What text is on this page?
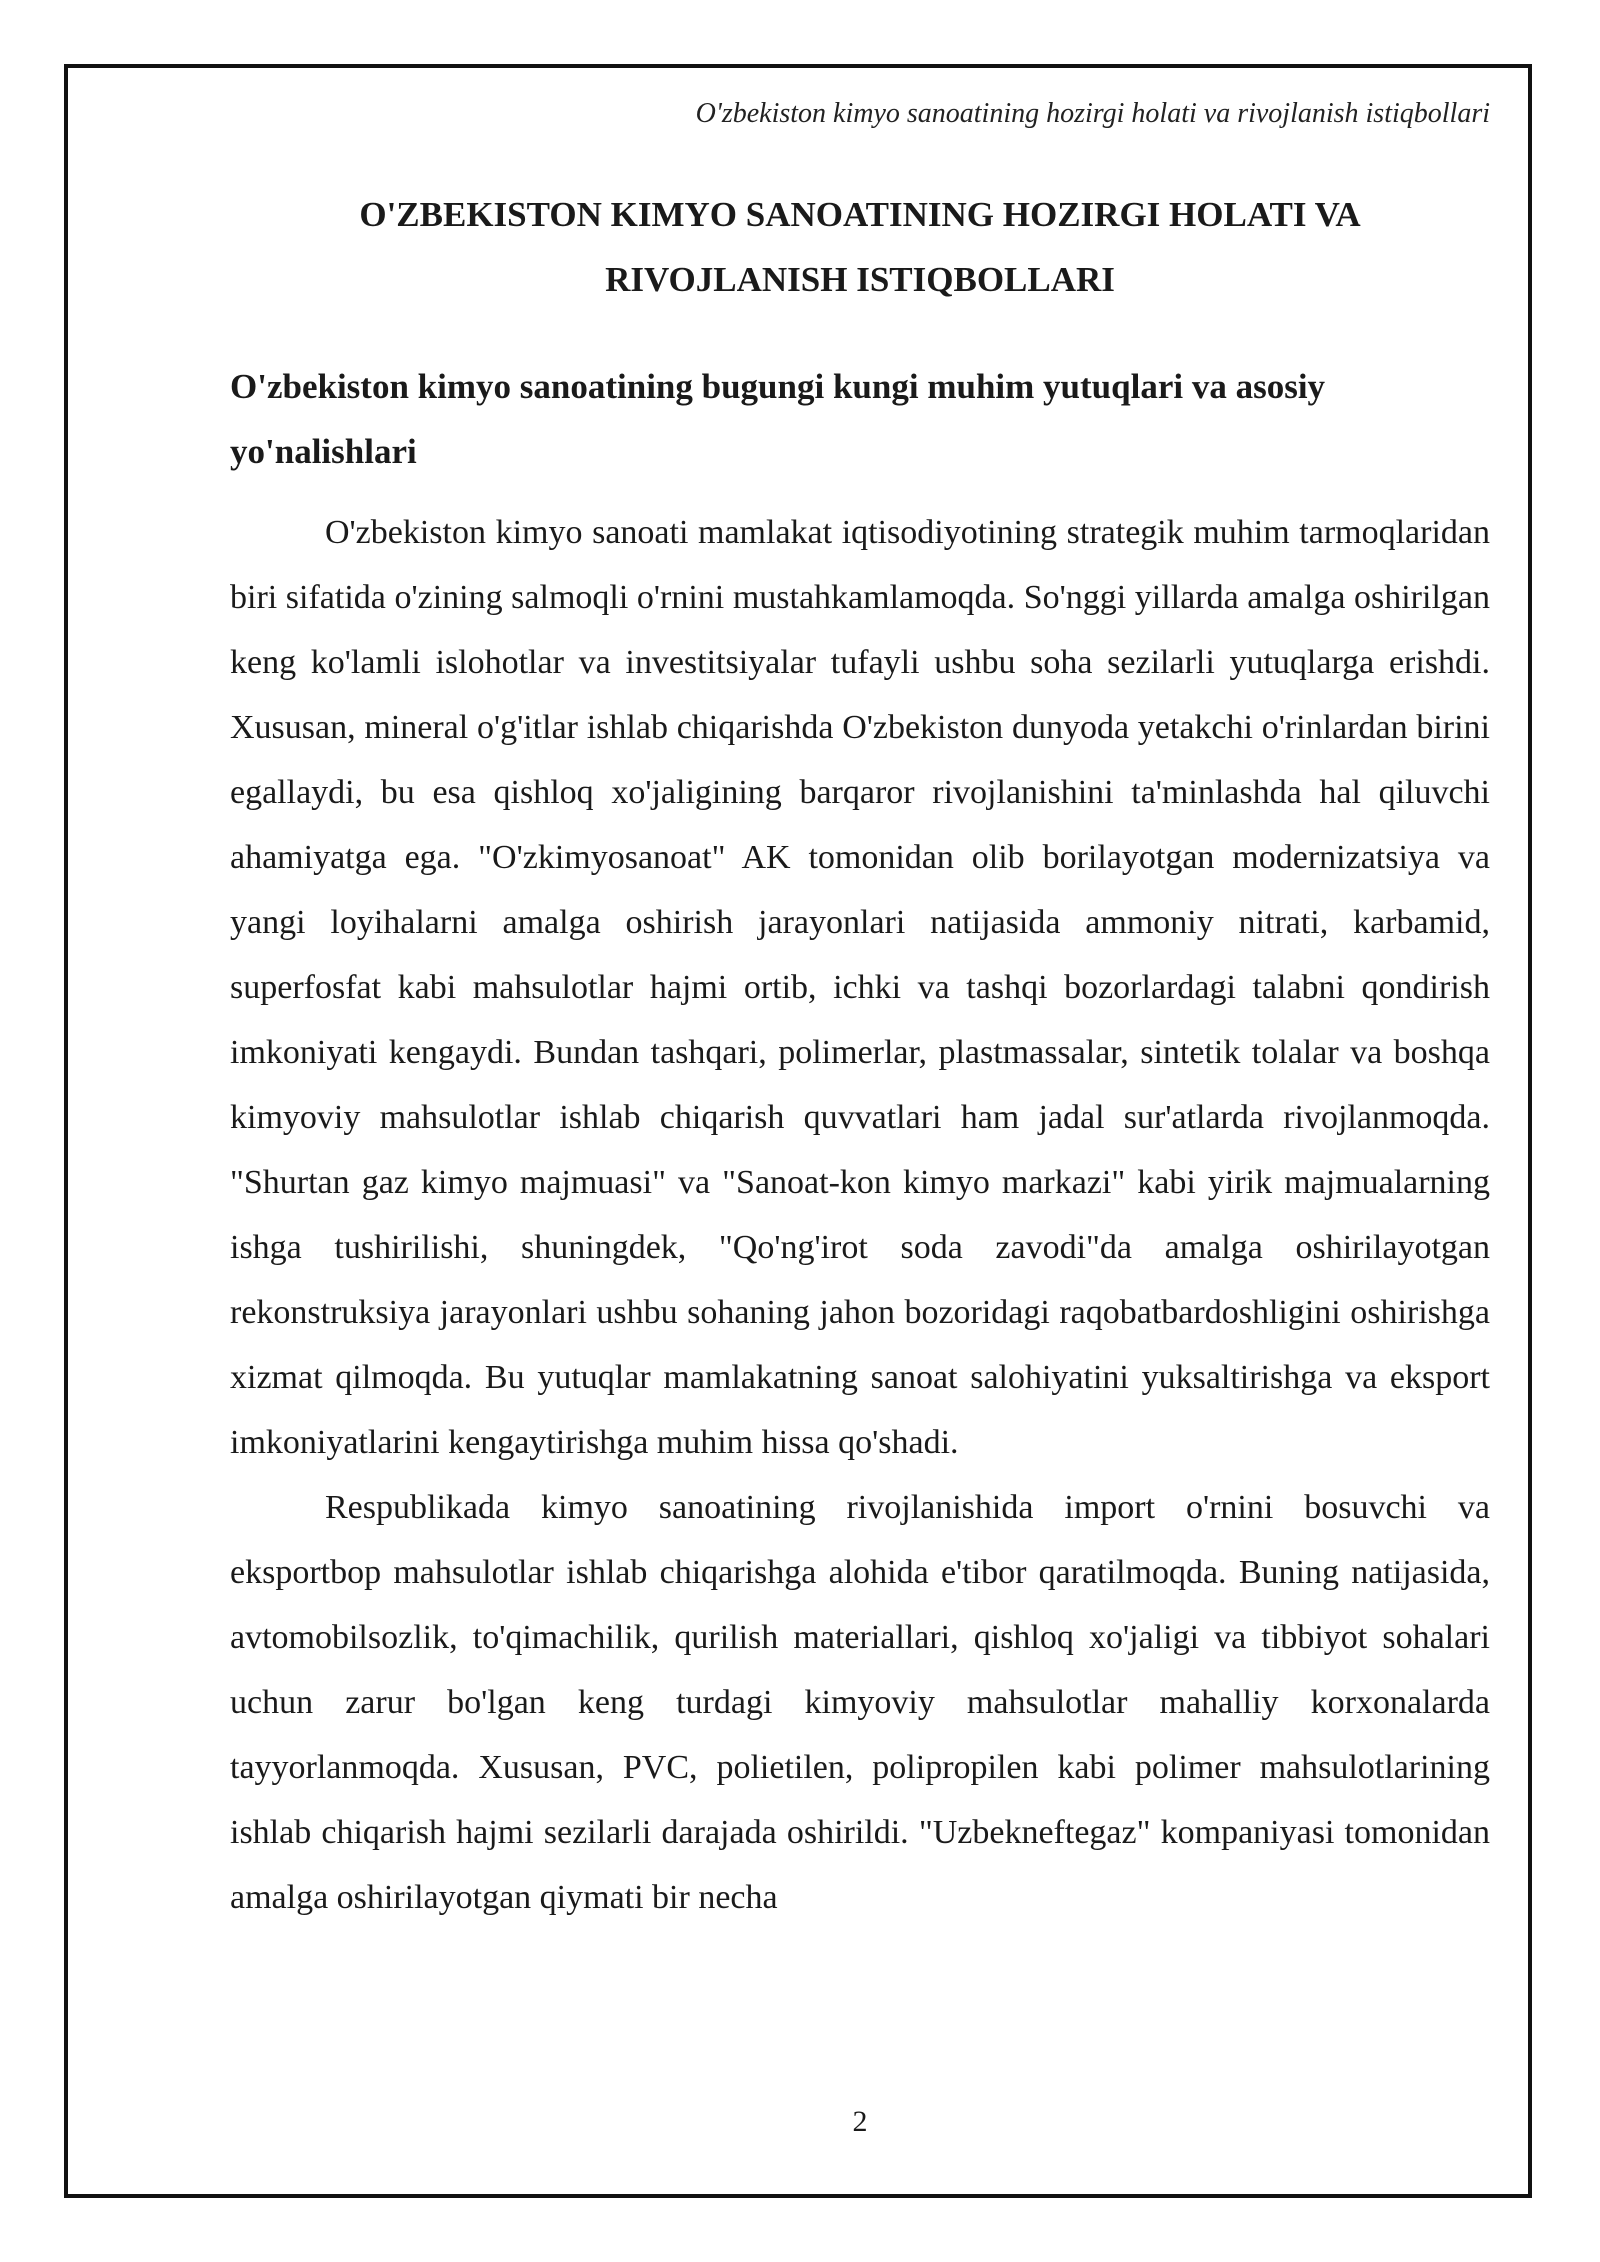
O'zbekiston kimyo sanoatining hozirgi holati va rivojlanish istiqbollari
O'ZBEKISTON KIMYO SANOATINING HOZIRGI HOLATI VA
RIVOJLANISH ISTIQBOLLARI
O'zbekiston kimyo sanoatining bugungi kungi muhim yutuqlari va asosiy
yo'nalishlari

O'zbekiston kimyo sanoati mamlakat iqtisodiyotining strategik muhim tarmoqlaridan biri sifatida o'zining salmoqli o'rnini mustahkamlamoqda. So'nggi yillarda amalga oshirilgan keng ko'lamli islohotlar va investitsiyalar tufayli ushbu soha sezilarli yutuqlarga erishdi. Xususan, mineral o'g'itlar ishlab chiqarishda O'zbekiston dunyoda yetakchi o'rinlardan birini egallaydi, bu esa qishloq xo'jaligining barqaror rivojlanishini ta'minlashda hal qiluvchi ahamiyatga ega. "O'zkimyosanoat" AK tomonidan olib borilayotgan modernizatsiya va yangi loyihalarni amalga oshirish jarayonlari natijasida ammoniy nitrati, karbamid, superfosfat kabi mahsulotlar hajmi ortib, ichki va tashqi bozorlardagi talabni qondirish imkoniyati kengaydi. Bundan tashqari, polimerlar, plastmassalar, sintetik tolalar va boshqa kimyoviy mahsulotlar ishlab chiqarish quvvatlari ham jadal sur'atlarda rivojlanmoqda. "Shurtan gaz kimyo majmuasi" va "Sanoat-kon kimyo markazi" kabi yirik majmualarning ishga tushirilishi, shuningdek, "Qo'ng'irot soda zavodi"da amalga oshirilayotgan rekonstruksiya jarayonlari ushbu sohaning jahon bozoridagi raqobatbardoshligini oshirishga xizmat qilmoqda. Bu yutuqlar mamlakatning sanoat salohiyatini yuksaltirishga va eksport imkoniyatlarini kengaytirishga muhim hissa qo'shadi.

Respublikada kimyo sanoatining rivojlanishida import o'rnini bosuvchi va eksportbop mahsulotlar ishlab chiqarishga alohida e'tibor qaratilmoqda. Buning natijasida, avtomobilsozlik, to'qimachilik, qurilish materiallari, qishloq xo'jaligi va tibbiyot sohalari uchun zarur bo'lgan keng turdagi kimyoviy mahsulotlar mahalliy korxonalarda tayyorlanmoqda. Xususan, PVC, polietilen, polipropilen kabi polimer mahsulotlarining ishlab chiqarish hajmi sezilarli darajada oshirildi. "Uzbekneftegaz" kompaniyasi tomonidan amalga oshirilayotgan qiymati bir necha

2
